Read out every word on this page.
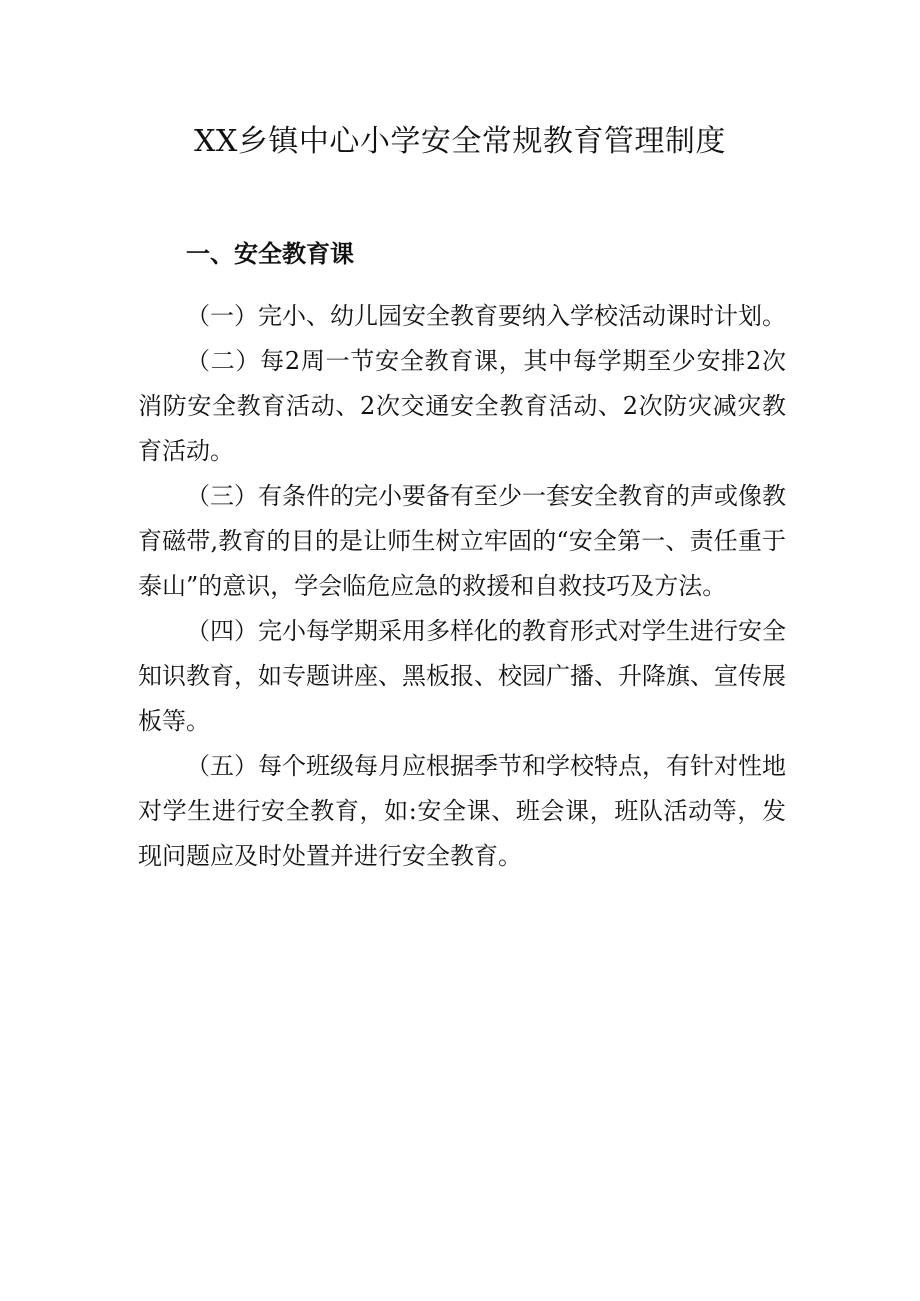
XX乡镇中心小学安全常规教育管理制度
一、安全教育课

（一）完小、幼儿园安全教育要纳入学校活动课时计划。

（二）每2周一节安全教育课，其中每学期至少安排2次消防安全教育活动、2次交通安全教育活动、2次防灾减灾教育活动。

（三）有条件的完小要备有至少一套安全教育的声或像教育磁带,教育的目的是让师生树立牢固的“安全第一、责任重于泰山”的意识，学会临危应急的救援和自救技巧及方法。

（四）完小每学期采用多样化的教育形式对学生进行安全知识教育，如专题讲座、黑板报、校园广播、升降旗、宣传展板等。

（五）每个班级每月应根据季节和学校特点，有针对性地对学生进行安全教育，如:安全课、班会课，班队活动等，发现问题应及时处置并进行安全教育。
